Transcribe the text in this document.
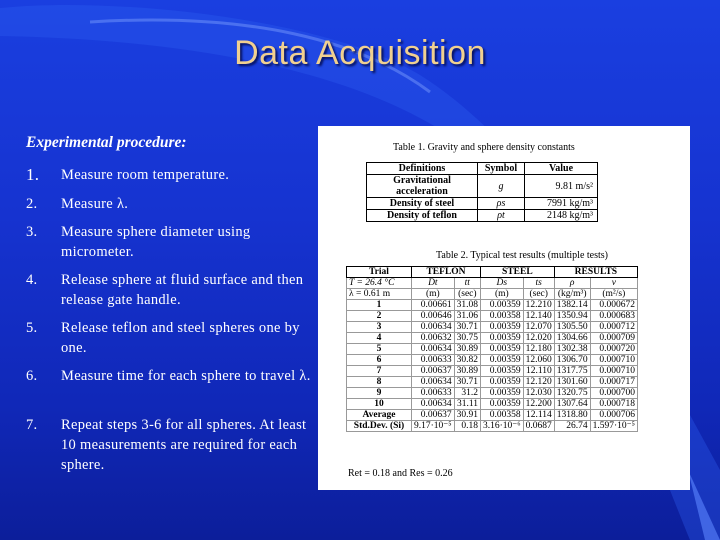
Data Acquisition
Experimental procedure:
1. Measure room temperature.
2. Measure λ.
3. Measure sphere diameter using micrometer.
4. Release sphere at fluid surface and then release gate handle.
5. Release teflon and steel spheres one by one.
6. Measure time for each sphere to travel λ.
7. Repeat steps 3-6 for all spheres. At least 10 measurements are required for each sphere.
Table 1. Gravity and sphere density constants
Definitions	Symbol	Value
Gravitational acceleration	g	9.81 m/s²
Density of steel	ρs	7991 kg/m³
Density of teflon	ρt	2148 kg/m³
Table 2. Typical test results (multiple tests)
Trial	TEFLON		STEEL		RESULTS	
T = 26.4 °C	Dt	tt	Ds	ts	ρ	ν
λ = 0.61 m	(m)	(sec)	(m)	(sec)	(kg/m³)	(m²/s)
1	0.00661	31.08	0.00359	12.210	1382.14	0.000672
2	0.00646	31.06	0.00358	12.140	1350.94	0.000683
3	0.00634	30.71	0.00359	12.070	1305.50	0.000712
4	0.00632	30.75	0.00359	12.020	1304.66	0.000709
5	0.00634	30.89	0.00359	12.180	1302.38	0.000720
6	0.00633	30.82	0.00359	12.060	1306.70	0.000710
7	0.00637	30.89	0.00359	12.110	1317.75	0.000710
8	0.00634	30.71	0.00359	12.120	1301.60	0.000717
9	0.00633	31.2	0.00359	12.030	1320.75	0.000700
10	0.00634	31.11	0.00359	12.200	1307.64	0.000718
Average	0.00637	30.91	0.00358	12.114	1318.80	0.000706
Std.Dev. (Si)	9.17·10⁻⁵	0.18	3.16·10⁻⁶	0.0687	26.74	1.597·10⁻⁵
Ret = 0.18 and Res = 0.26
